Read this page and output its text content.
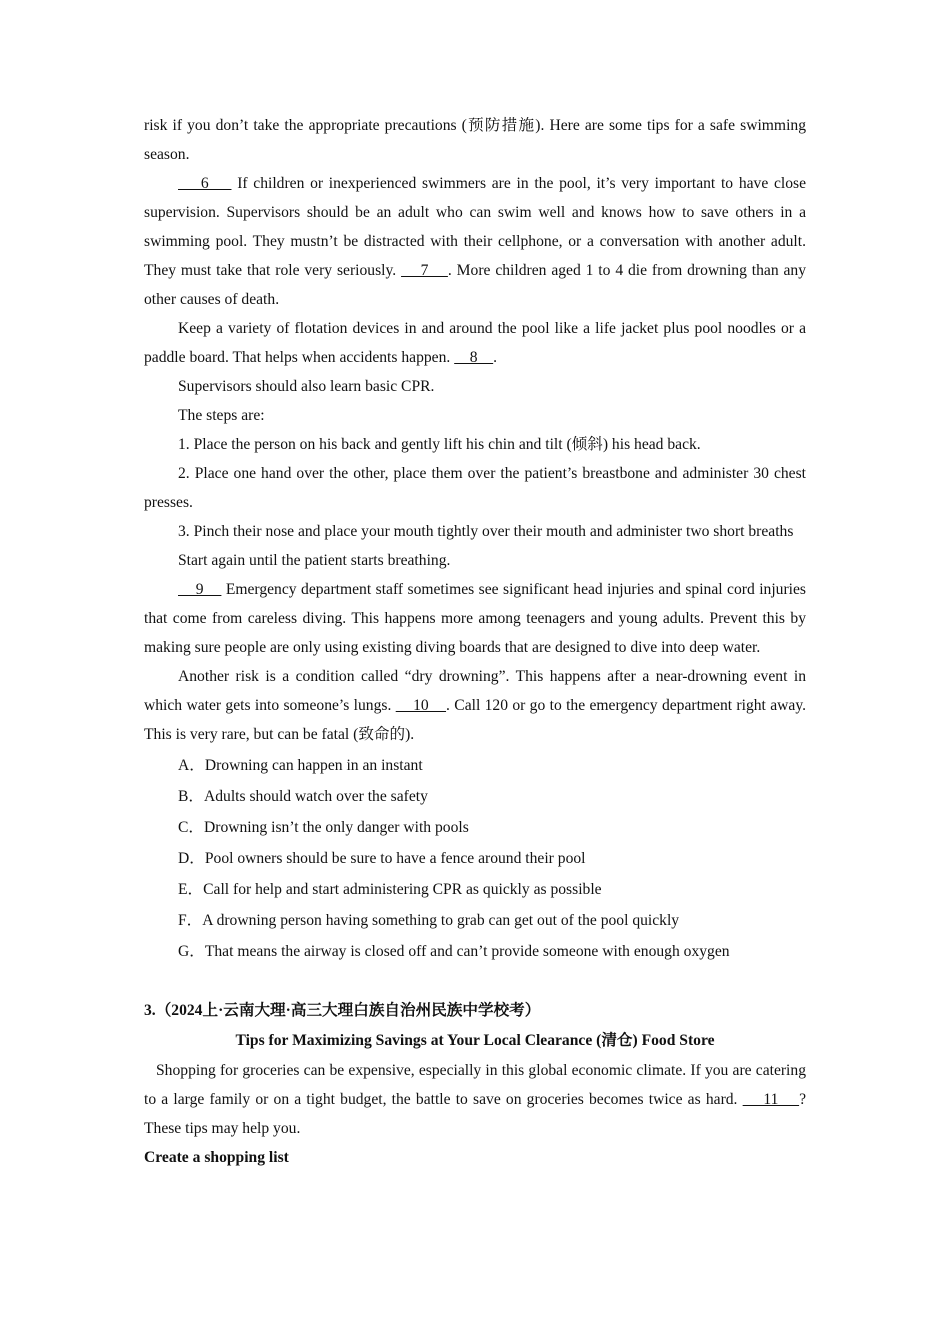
risk if you don’t take the appropriate precautions (预防措施). Here are some tips for a safe swimming season.

6     If children or inexperienced swimmers are in the pool, it’s very important to have close supervision. Supervisors should be an adult who can swim well and knows how to save others in a swimming pool. They mustn’t be distracted with their cellphone, or a conversation with another adult. They must take that role very seriously.     7    . More children aged 1 to 4 die from drowning than any other causes of death.

Keep a variety of flotation devices in and around the pool like a life jacket plus pool noodles or a paddle board. That helps when accidents happen.     8    .

Supervisors should also learn basic CPR.

The steps are:

1. Place the person on his back and gently lift his chin and tilt (倾斜) his head back.

2. Place one hand over the other, place them over the patient’s breastbone and administer 30 chest presses.

3. Pinch their nose and place your mouth tightly over their mouth and administer two short breaths

Start again until the patient starts breathing.

9     Emergency department staff sometimes see significant head injuries and spinal cord injuries that come from careless diving. This happens more among teenagers and young adults. Prevent this by making sure people are only using existing diving boards that are designed to dive into deep water.

Another risk is a condition called “dry drowning”. This happens after a near-drowning event in which water gets into someone’s lungs.     10    . Call 120 or go to the emergency department right away. This is very rare, but can be fatal (致命的).

A．Drowning can happen in an instant

B．Adults should watch over the safety

C．Drowning isn’t the only danger with pools

D．Pool owners should be sure to have a fence around their pool

E．Call for help and start administering CPR as quickly as possible

F．A drowning person having something to grab can get out of the pool quickly

G．That means the airway is closed off and can’t provide someone with enough oxygen

3.（2024上·云南大理·高三大理白族自治州民族中学校考）

Tips for Maximizing Savings at Your Local Clearance (清仓) Food Store

Shopping for groceries can be expensive, especially in this global economic climate. If you are catering to a large family or on a tight budget, the battle to save on groceries becomes twice as hard.     11    ? These tips may help you.

Create a shopping list
